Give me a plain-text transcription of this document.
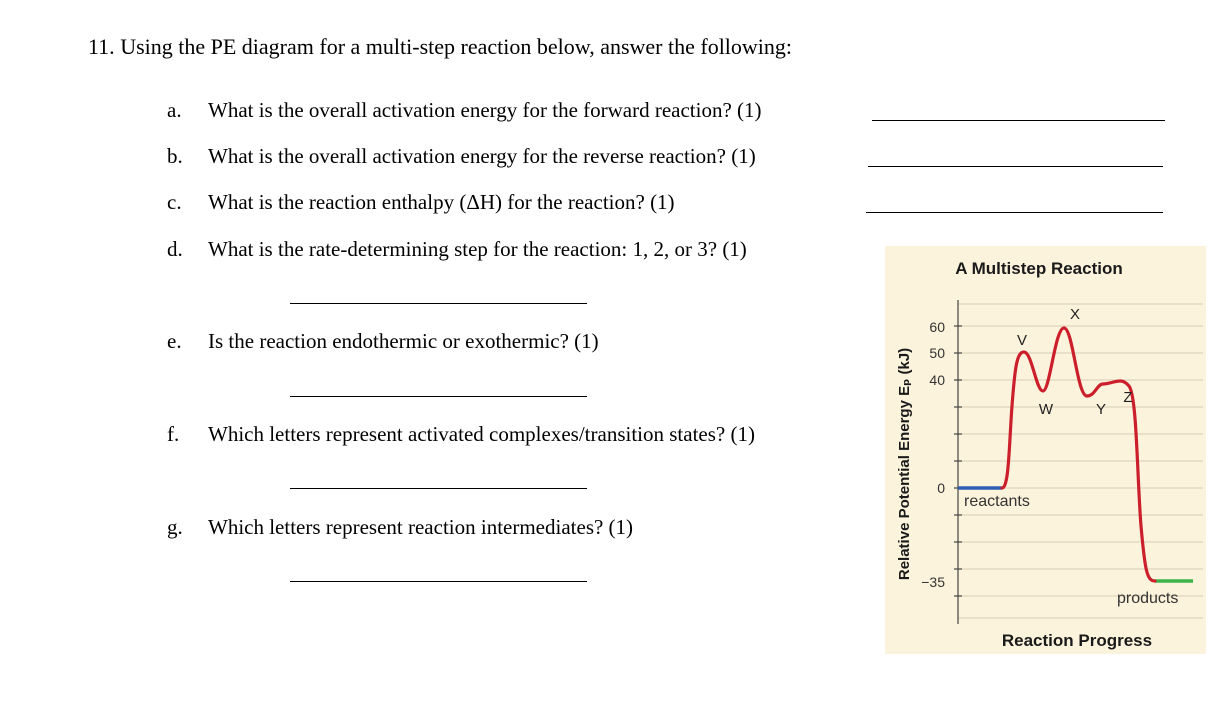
11. Using the PE diagram for a multi-step reaction below, answer the following:
a. What is the overall activation energy for the forward reaction? (1)
b. What is the overall activation energy for the reverse reaction? (1)
c. What is the reaction enthalpy (ΔH) for the reaction? (1)
d. What is the rate-determining step for the reaction: 1, 2, or 3? (1)
e. Is the reaction endothermic or exothermic? (1)
f. Which letters represent activated complexes/transition states? (1)
g. Which letters represent reaction intermediates? (1)
A Multistep Reaction
Relative Potential Energy Eₚ (kJ)
60
50
40
0
−35
V
W
X
Y
Z
reactants
products
Reaction Progress
